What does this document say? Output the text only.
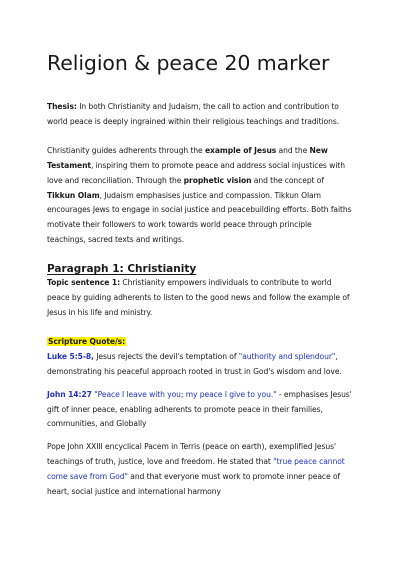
Religion & peace 20 marker

Thesis: In both Christianity and Judaism, the call to action and contribution to world peace is deeply ingrained within their religious teachings and traditions.

Christianity guides adherents through the example of Jesus and the New Testament, inspiring them to promote peace and address social injustices with love and reconciliation. Through the prophetic vision and the concept of Tikkun Olam, Judaism emphasises justice and compassion. Tikkun Olam encourages Jews to engage in social justice and peacebuilding efforts. Both faiths motivate their followers to work towards world peace through principle teachings, sacred texts and writings.

Paragraph 1: Christianity

Topic sentence 1: Christianity empowers individuals to contribute to world peace by guiding adherents to listen to the good news and follow the example of Jesus in his life and ministry.

Scripture Quote/s:

Luke 5:5-8, Jesus rejects the devil's temptation of "authority and splendour", demonstrating his peaceful approach rooted in trust in God's wisdom and love.

John 14:27 "Peace I leave with you; my peace I give to you." - emphasises Jesus' gift of inner peace, enabling adherents to promote peace in their families, communities, and Globally

Pope John XXIII encyclical Pacem in Terris (peace on earth), exemplified Jesus' teachings of truth, justice, love and freedom. He stated that "true peace cannot come save from God" and that everyone must work to promote inner peace of heart, social justice and international harmony
